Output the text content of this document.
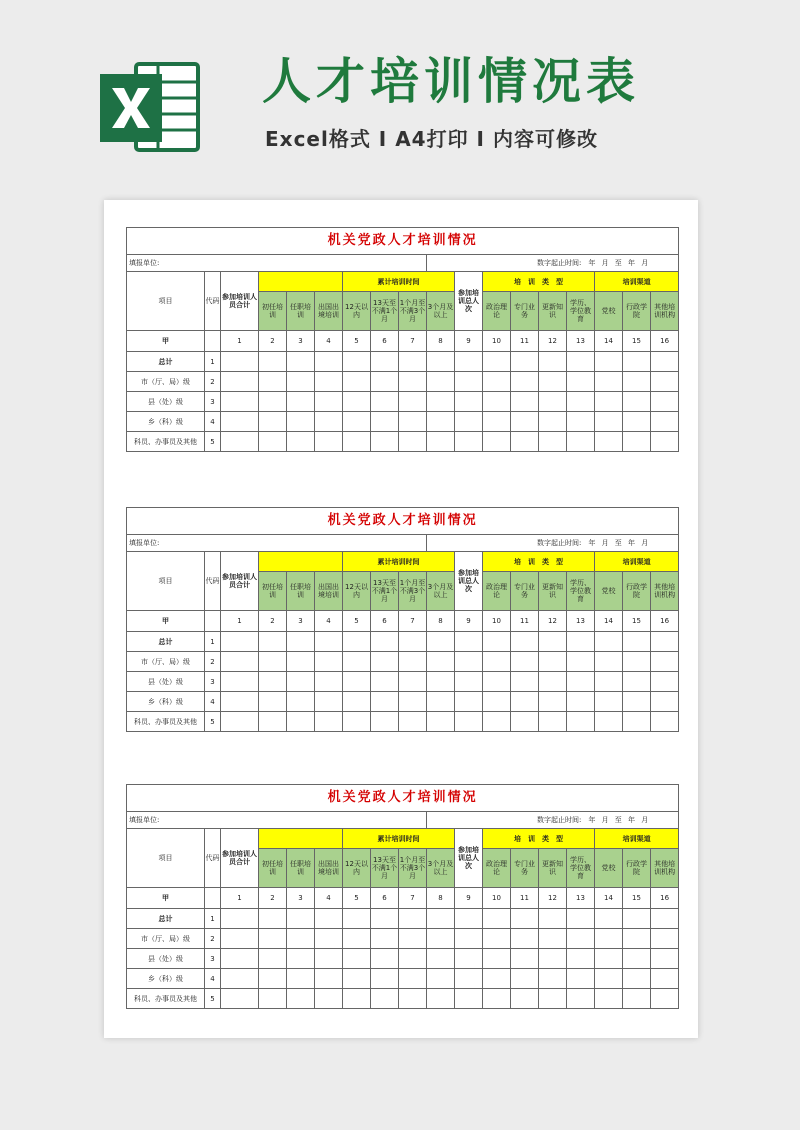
人才培训情况表
Excel格式 I A4打印 I 内容可修改
机关党政人才培训情况																	
填报单位:									数字起止时间:　年 月 至 年 月								
项目	代码	参加培训人员合计				累计培训时间				参加培训总人次	培　训　类　型				培训渠道		
			初任培训	任职培训	出国出境培训	12天以内	13天至不满1个月	1个月至不满3个月	3个月及以上		政治理论	专门业务	更新知识	学历、学位教育	党校	行政学院	其他培训机构
甲		1	2	3	4	5	6	7	8	9	10	11	12	13	14	15	16
总计	1																
市（厅、局）级	2																
县（处）级	3																
乡（科）级	4																
科员、办事员及其他	5																
机关党政人才培训情况																	
填报单位:									数字起止时间:　年 月 至 年 月								
项目	代码	参加培训人员合计				累计培训时间				参加培训总人次	培　训　类　型				培训渠道		
			初任培训	任职培训	出国出境培训	12天以内	13天至不满1个月	1个月至不满3个月	3个月及以上		政治理论	专门业务	更新知识	学历、学位教育	党校	行政学院	其他培训机构
甲		1	2	3	4	5	6	7	8	9	10	11	12	13	14	15	16
总计	1																
市（厅、局）级	2																
县（处）级	3																
乡（科）级	4																
科员、办事员及其他	5																
机关党政人才培训情况																	
填报单位:									数字起止时间:　年 月 至 年 月								
项目	代码	参加培训人员合计				累计培训时间				参加培训总人次	培　训　类　型				培训渠道		
			初任培训	任职培训	出国出境培训	12天以内	13天至不满1个月	1个月至不满3个月	3个月及以上		政治理论	专门业务	更新知识	学历、学位教育	党校	行政学院	其他培训机构
甲		1	2	3	4	5	6	7	8	9	10	11	12	13	14	15	16
总计	1																
市（厅、局）级	2																
县（处）级	3																
乡（科）级	4																
科员、办事员及其他	5																
